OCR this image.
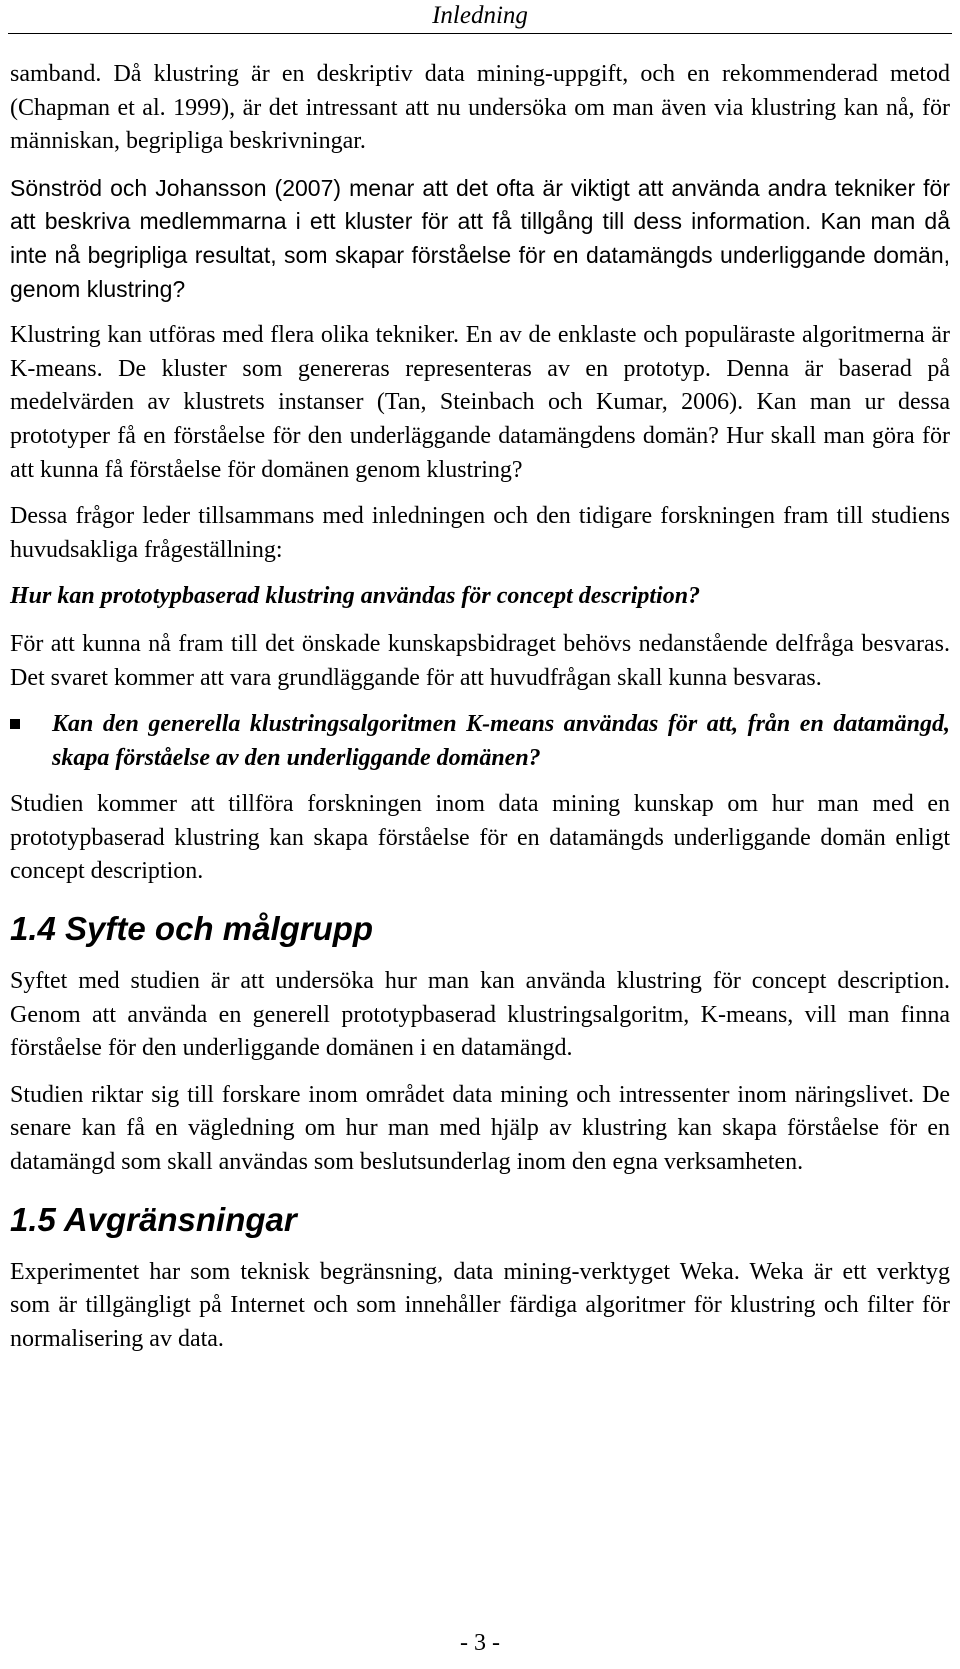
Inledning

samband. Då klustring är en deskriptiv data mining-uppgift, och en rekommenderad metod (Chapman et al. 1999), är det intressant att nu undersöka om man även via klustring kan nå, för människan, begripliga beskrivningar.

Sönströd och Johansson (2007) menar att det ofta är viktigt att använda andra tekniker för att beskriva medlemmarna i ett kluster för att få tillgång till dess information. Kan man då inte nå begripliga resultat, som skapar förståelse för en datamängds underliggande domän, genom klustring?

Klustring kan utföras med flera olika tekniker. En av de enklaste och populäraste algoritmerna är K-means. De kluster som genereras representeras av en prototyp. Denna är baserad på medelvärden av klustrets instanser (Tan, Steinbach och Kumar, 2006). Kan man ur dessa prototyper få en förståelse för den underläggande datamängdens domän? Hur skall man göra för att kunna få förståelse för domänen genom klustring?

Dessa frågor leder tillsammans med inledningen och den tidigare forskningen fram till studiens huvudsakliga frågeställning:

Hur kan prototypbaserad klustring användas för concept description?

För att kunna nå fram till det önskade kunskapsbidraget behövs nedanstående delfråga besvaras. Det svaret kommer att vara grundläggande för att huvudfrågan skall kunna besvaras.

Kan den generella klustringsalgoritmen K-means användas för att, från en datamängd, skapa förståelse av den underliggande domänen?

Studien kommer att tillföra forskningen inom data mining kunskap om hur man med en prototypbaserad klustring kan skapa förståelse för en datamängds underliggande domän enligt concept description.

1.4 Syfte och målgrupp

Syftet med studien är att undersöka hur man kan använda klustring för concept description. Genom att använda en generell prototypbaserad klustringsalgoritm, K-means, vill man finna förståelse för den underliggande domänen i en datamängd.

Studien riktar sig till forskare inom området data mining och intressenter inom näringslivet. De senare kan få en vägledning om hur man med hjälp av klustring kan skapa förståelse för en datamängd som skall användas som beslutsunderlag inom den egna verksamheten.

1.5 Avgränsningar

Experimentet har som teknisk begränsning, data mining-verktyget Weka. Weka är ett verktyg som är tillgängligt på Internet och som innehåller färdiga algoritmer för klustring och filter för normalisering av data.

- 3 -
